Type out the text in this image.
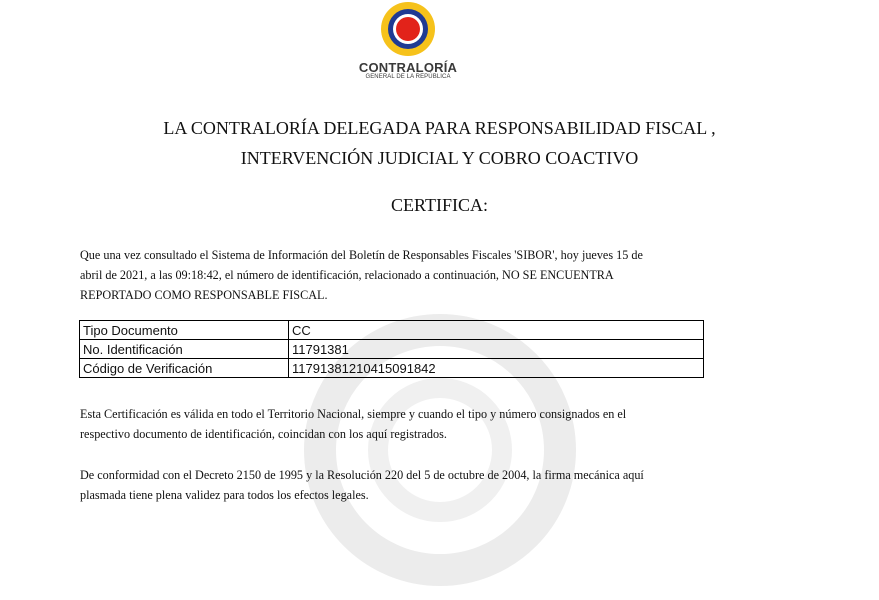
CONTRALORÍA
GENERAL DE LA REPÚBLICA
LA CONTRALORÍA DELEGADA PARA RESPONSABILIDAD FISCAL ,
INTERVENCIÓN JUDICIAL Y COBRO COACTIVO
CERTIFICA:

Que una vez consultado el Sistema de Información del Boletín de Responsables Fiscales 'SIBOR', hoy jueves 15 de
abril de 2021, a las 09:18:42, el número de identificación, relacionado a continuación, NO SE ENCUENTRA
REPORTADO COMO RESPONSABLE FISCAL.

Tipo Documento	CC
No. Identificación	11791381
Código de Verificación	11791381210415091842

Esta Certificación es válida en todo el Territorio Nacional, siempre y cuando el tipo y número consignados en el
respectivo documento de identificación, coincidan con los aquí registrados.

De conformidad con el Decreto 2150 de 1995 y la Resolución 220 del 5 de octubre de 2004, la firma mecánica aquí
plasmada tiene plena validez para todos los efectos legales.
